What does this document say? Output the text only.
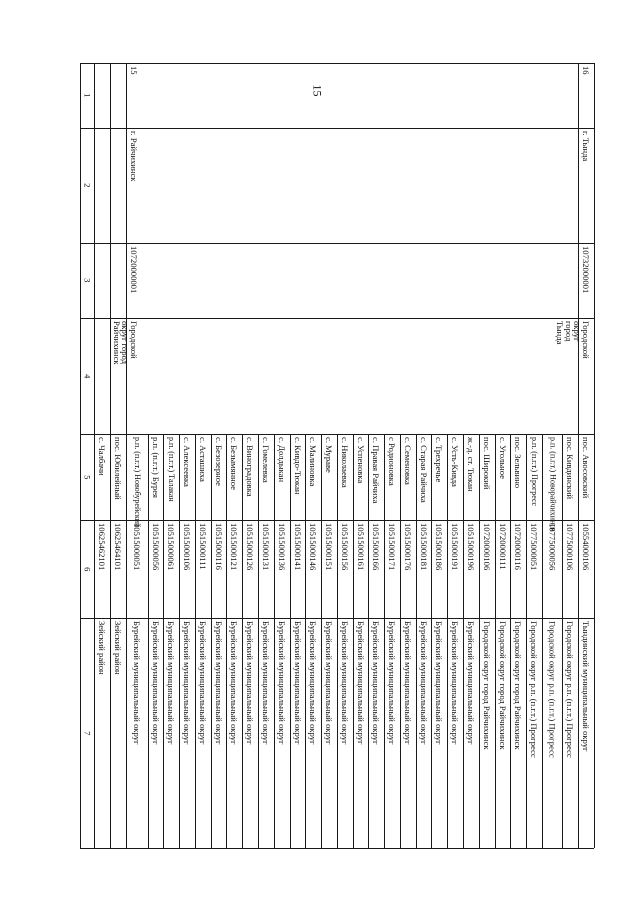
15
1
2
3
4
5
6
7
с. Чалбачи
10625462101
Зейский район
пос. Юбилейный
10625464101
Зейский район
р.п. (п.г.т.) Новобурейский
10515000051
Бурейский муниципальный округ
р.п. (п.г.т.) Бурея
10515000056
Бурейский муниципальный округ
р.п. (п.г.т.) Талакан
10515000061
Бурейский муниципальный округ
с. Алексеевка
10515000106
Бурейский муниципальный округ
с. Асташиха
10515000111
Бурейский муниципальный округ
с. Безозерное
10515000116
Бурейский муниципальный округ
с. Безымянное
10515000121
Бурейский муниципальный округ
с. Виноградовка
10515000126
Бурейский муниципальный округ
с. Гомелевка
10515000131
Бурейский муниципальный округ
с. Долдыкан
10515000136
Бурейский муниципальный округ
с. Кивдо-Тюкан
10515000141
Бурейский муниципальный округ
с. Малиновка
10515000146
Бурейский муниципальный округ
с. Мураве
10515000151
Бурейский муниципальный округ
с. Николаевка
10515000156
Бурейский муниципальный округ
с. Успеновка
10515000161
Бурейский муниципальный округ
с. Правая Райчиха
10515000166
Бурейский муниципальный округ
с Родионовка
10515000171
Бурейский муниципальный округ
с. Семеновка
10515000176
Бурейский муниципальный округ
с. Старая Райчиха
10515000181
Бурейский муниципальный округ
с. Трехречье
10515000186
Бурейский муниципальный округ
с. Усть-Кивда
10515000191
Бурейский муниципальный округ
ж.-д. ст. Тюкан
10515000196
Бурейский муниципальный округ
пос. Широкий
10720000106
Городской округ город Райчихинск
с. Угольное
10720000111
Городской округ город Райчихинск
пос. Зельвино
10720000116
Городской округ город Райчихинск
р.п. (п.г.т.) Прогресс
10775000051
Городской округ р.п. (п.г.т.) Прогресс
р.п. (п.г.т.) Новорайчихинск
10775000056
Городской округ р.п. (п.г.т.) Прогресс
пос. Кивдинский
10775000106
Городской округ р.п. (п.г.т.) Прогресс
пос. Авосовский
10554000106
Тындинский муниципальный округ
15
г. Райчихинск
10720000001
Городской округ город Райчихинск
16
г. Тында
10732000001
Городской округ город Тында
